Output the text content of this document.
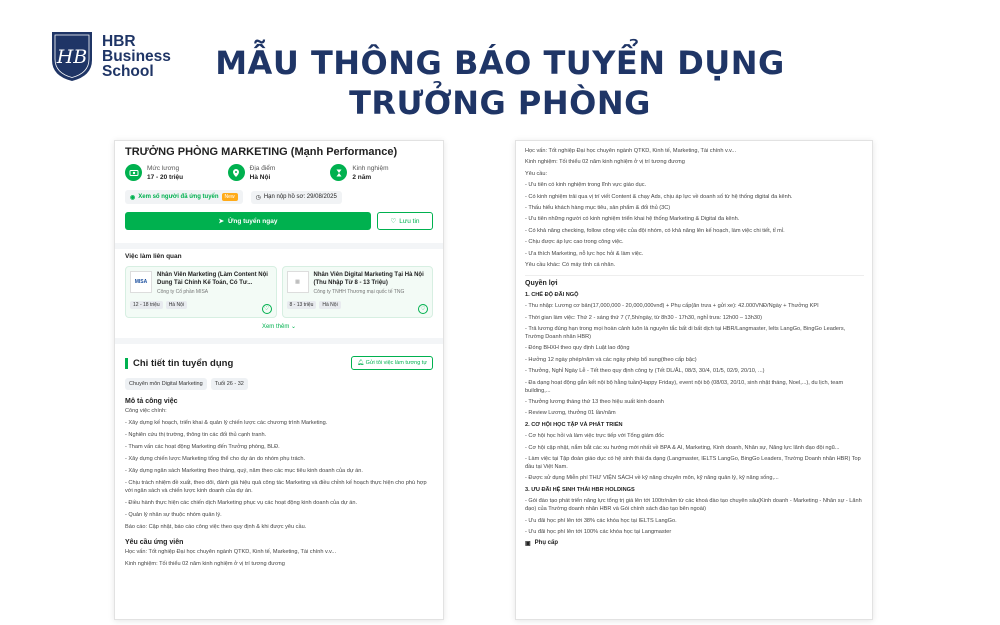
HB
HBR
Business
School	MẪU THÔNG BÁO TUYỂN DỤNG
TRƯỞNG PHÒNG
TRƯỞNG PHÒNG MARKETING (Mạnh Performance)
Mức lương
17 - 20 triệu
Địa điểm
Hà Nội
Kinh nghiệm
2 năm
◉ Xem số người đã ứng tuyển	New	◷ Hạn nộp hồ sơ: 29/08/2025
➤ Ứng tuyển ngay	♡ Lưu tin
Việc làm liên quan
MISA
Nhân Viên Marketing (Làm Content Nội Dung Tài Chính Kế Toán, Có Tư...
Công ty Cổ phần MISA
12 - 18 triệu	Hà Nội
♡
▦
Nhân Viên Digital Marketing Tại Hà Nội (Thu Nhập Từ 8 - 13 Triệu)
Công ty TNHH Thương mại quốc tế TNG
8 - 13 triệu	Hà Nội
♡
Xem thêm ⌄
Chi tiết tin tuyển dụng	🔔︎ Gửi tôi việc làm tương tự
Chuyên môn Digital Marketing	Tuổi 26 - 32
Mô tả công việc

Công việc chính:

- Xây dựng kế hoạch, triển khai & quản lý chiến lược các chương trình Marketing.

- Nghiên cứu thị trường, thông tin các đối thủ cạnh tranh.

- Tham vấn các hoạt động Marketing đến Trưởng phòng, BLĐ.

- Xây dựng chiến lược Marketing tổng thể cho dự án do nhóm phụ trách.

- Xây dựng ngân sách Marketing theo tháng, quý, năm theo các mục tiêu kinh doanh của dự án.

- Chịu trách nhiệm đề xuất, theo dõi, đánh giá hiệu quả công tác Marketing và điều chỉnh kế hoạch thực hiện cho phù hợp với ngân sách và chiến lược kinh doanh của dự án.

- Điều hành thực hiện các chiến dịch Marketing phục vụ các hoạt động kinh doanh của dự án.

- Quản lý nhân sự thuộc nhóm quản lý.

Báo cáo: Cập nhật, báo cáo công việc theo quy định & khi được yêu cầu.

Yêu cầu ứng viên

Học vấn: Tốt nghiệp Đại học chuyên ngành QTKD, Kinh tế, Marketing, Tài chính v.v...

Kinh nghiệm: Tối thiểu 02 năm kinh nghiệm ở vị trí tương đương

Học vấn: Tốt nghiệp Đại học chuyên ngành QTKD, Kinh tế, Marketing, Tài chính v.v...

Kinh nghiệm: Tối thiểu 02 năm kinh nghiệm ở vị trí tương đương

Yêu cầu:

- Ưu tiên có kinh nghiệm trong lĩnh vực giáo dục.

- Có kinh nghiệm trải qua vị trí viết Content & chạy Ads, chịu áp lực về doanh số từ hệ thống digital đa kênh.

- Thấu hiểu khách hàng mục tiêu, sản phẩm & đối thủ (3C)

- Ưu tiên những người có kinh nghiệm triển khai hệ thống Marketing & Digital đa kênh.

- Có khả năng checking, follow công việc của đội nhóm, có khả năng lên kế hoạch, làm việc chi tiết, tỉ mỉ.

- Chịu được áp lực cao trong công việc.

- Ưa thích Marketing, nỗ lực học hỏi & làm việc.

Yêu cầu khác: Có máy tính cá nhân.

Quyền lợi

1. CHẾ ĐỘ ĐÃI NGỘ

- Thu nhập: Lương cơ bản(17,000,000 - 20,000,000vnđ) + Phụ cấp(ăn trưa + gửi xe): 42.000VNĐ/Ngày + Thưởng KPI

- Thời gian làm việc: Thứ 2 - sáng thứ 7 (7,5h/ngày, từ 8h30 - 17h30, nghỉ trưa: 12h00 – 13h30)

- Trả lương đúng hạn trong mọi hoàn cảnh luôn là nguyên tắc bất di bất dịch tại HBR/Langmaster, Ielts LangGo, BingGo Leaders, Trường Doanh nhân HBR)

- Đóng BHXH theo quy định Luật lao động

- Hưởng 12 ngày phép/năm và các ngày phép bổ sung(theo cấp bậc)

- Thưởng, Nghỉ Ngày Lễ - Tết theo quy định công ty (Tết DL/ÂL, 08/3, 30/4, 01/5, 02/9, 20/10, ...)

- Đa dạng hoạt động gắn kết nội bộ hằng tuần(Happy Friday), event nội bộ (08/03, 20/10, sinh nhật tháng, Noel,...), du lịch, team building,...

- Thưởng lương tháng thứ 13 theo hiệu suất kinh doanh

- Review Lương, thưởng 01 lần/năm

2. CƠ HỘI HỌC TẬP VÀ PHÁT TRIỂN

- Cơ hội học hỏi và làm việc trực tiếp với Tổng giám đốc

- Cơ hội cập nhật, nắm bắt các xu hướng mới nhất về BPA & AI, Marketing, Kinh doanh, Nhân sự, Năng lực lãnh đạo đội ngũ...

- Làm việc tại Tập đoàn giáo dục có hệ sinh thái đa dạng (Langmaster, IELTS LangGo, BingGo Leaders, Trường Doanh nhân HBR) Top đầu tại Việt Nam.

- Được sử dụng Miễn phí THƯ VIỆN SÁCH về kỹ năng chuyên môn, kỹ năng quản lý, kỹ năng sống,...

3. ƯU ĐÃI HỆ SINH THÁI HBR HOLDINGS

- Gói đào tạo phát triển năng lực tổng trị giá lên tới 100tr/năm từ các khoá đào tạo chuyên sâu(Kinh doanh - Marketing - Nhân sự - Lãnh đạo) của Trường doanh nhân HBR và Gói chính sách đào tạo bên ngoài)

- Ưu đãi học phí lên tới 38% các khóa học tại IELTS LangGo.

- Ưu đãi học phí lên tới 100% các khóa học tại Langmaster

▣ Phụ cấp
